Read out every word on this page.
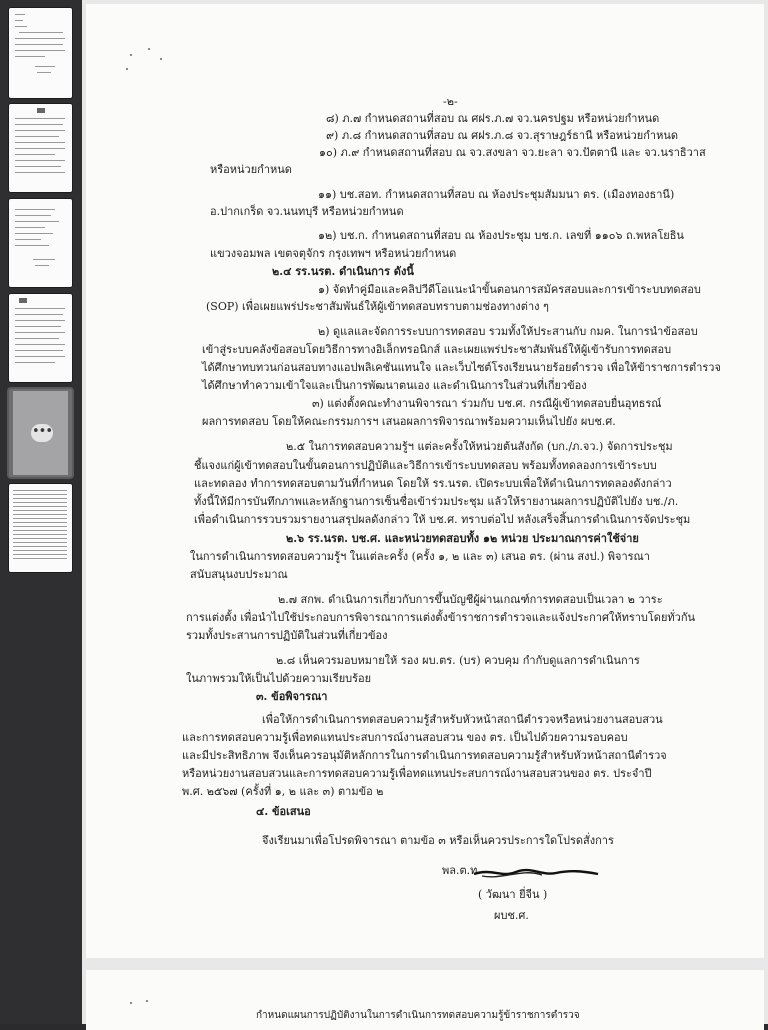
•••
-๒-
๘) ภ.๗ กำหนดสถานที่สอบ ณ ศฝร.ภ.๗ จว.นครปฐม หรือหน่วยกำหนด
๙) ภ.๘ กำหนดสถานที่สอบ ณ ศฝร.ภ.๘ จว.สุราษฎร์ธานี หรือหน่วยกำหนด
๑๐) ภ.๙ กำหนดสถานที่สอบ ณ จว.สงขลา จว.ยะลา จว.ปัตตานี และ จว.นราธิวาส
หรือหน่วยกำหนด
๑๑) บช.สอท. กำหนดสถานที่สอบ ณ ห้องประชุมสัมมนา ตร. (เมืองทองธานี)
อ.ปากเกร็ด จว.นนทบุรี หรือหน่วยกำหนด
๑๒) บช.ก. กำหนดสถานที่สอบ ณ ห้องประชุม บช.ก. เลขที่ ๑๑๐๖ ถ.พหลโยธิน
แขวงจอมพล เขตจตุจักร กรุงเทพฯ หรือหน่วยกำหนด
๒.๔ รร.นรต. ดำเนินการ ดังนี้
๑) จัดทำคู่มือและคลิปวีดีโอแนะนำขั้นตอนการสมัครสอบและการเข้าระบบทดสอบ
(SOP) เพื่อเผยแพร่ประชาสัมพันธ์ให้ผู้เข้าทดสอบทราบตามช่องทางต่าง ๆ
๒) ดูแลและจัดการระบบการทดสอบ รวมทั้งให้ประสานกับ กมค. ในการนำข้อสอบ
เข้าสู่ระบบคลังข้อสอบโดยวิธีการทางอิเล็กทรอนิกส์ และเผยแพร่ประชาสัมพันธ์ให้ผู้เข้ารับการทดสอบ
ได้ศึกษาทบทวนก่อนสอบทางแอปพลิเคชันแทนใจ และเว็บไซต์โรงเรียนนายร้อยตำรวจ เพื่อให้ข้าราชการตำรวจ
ได้ศึกษาทำความเข้าใจและเป็นการพัฒนาตนเอง และดำเนินการในส่วนที่เกี่ยวข้อง
๓) แต่งตั้งคณะทำงานพิจารณา ร่วมกับ บช.ศ. กรณีผู้เข้าทดสอบยื่นอุทธรณ์
ผลการทดสอบ โดยให้คณะกรรมการฯ เสนอผลการพิจารณาพร้อมความเห็นไปยัง ผบช.ศ.
๒.๕ ในการทดสอบความรู้ฯ แต่ละครั้งให้หน่วยต้นสังกัด (บก./ภ.จว.) จัดการประชุม
ชี้แจงแก่ผู้เข้าทดสอบในขั้นตอนการปฏิบัติและวิธีการเข้าระบบทดสอบ พร้อมทั้งทดลองการเข้าระบบ
และทดลอง ทำการทดสอบตามวันที่กำหนด โดยให้ รร.นรต. เปิดระบบเพื่อให้ดำเนินการทดลองดังกล่าว
ทั้งนี้ให้มีการบันทึกภาพและหลักฐานการเซ็นชื่อเข้าร่วมประชุม แล้วให้รายงานผลการปฏิบัติไปยัง บช./ภ.
เพื่อดำเนินการรวบรวมรายงานสรุปผลดังกล่าว ให้ บช.ศ. ทราบต่อไป หลังเสร็จสิ้นการดำเนินการจัดประชุม
๒.๖ รร.นรต. บช.ศ. และหน่วยทดสอบทั้ง ๑๒ หน่วย ประมาณการค่าใช้จ่าย
ในการดำเนินการทดสอบความรู้ฯ ในแต่ละครั้ง (ครั้ง ๑, ๒ และ ๓) เสนอ ตร. (ผ่าน สงป.) พิจารณา
สนับสนุนงบประมาณ
๒.๗ สกพ. ดำเนินการเกี่ยวกับการขึ้นบัญชีผู้ผ่านเกณฑ์การทดสอบเป็นเวลา ๒ วาระ
การแต่งตั้ง เพื่อนำไปใช้ประกอบการพิจารณาการแต่งตั้งข้าราชการตำรวจและแจ้งประกาศให้ทราบโดยทั่วกัน
รวมทั้งประสานการปฏิบัติในส่วนที่เกี่ยวข้อง
๒.๘ เห็นควรมอบหมายให้ รอง ผบ.ตร. (บร) ควบคุม กำกับดูแลการดำเนินการ
ในภาพรวมให้เป็นไปด้วยความเรียบร้อย
๓. ข้อพิจารณา
เพื่อให้การดำเนินการทดสอบความรู้สำหรับหัวหน้าสถานีตำรวจหรือหน่วยงานสอบสวน
และการทดสอบความรู้เพื่อทดแทนประสบการณ์งานสอบสวน ของ ตร. เป็นไปด้วยความรอบคอบ
และมีประสิทธิภาพ จึงเห็นควรอนุมัติหลักการในการดำเนินการทดสอบความรู้สำหรับหัวหน้าสถานีตำรวจ
หรือหน่วยงานสอบสวนและการทดสอบความรู้เพื่อทดแทนประสบการณ์งานสอบสวนของ ตร. ประจำปี
พ.ศ. ๒๕๖๗ (ครั้งที่ ๑, ๒ และ ๓) ตามข้อ ๒
๔. ข้อเสนอ
จึงเรียนมาเพื่อโปรดพิจารณา ตามข้อ ๓ หรือเห็นควรประการใดโปรดสั่งการ
พล.ต.ท.
( วัฒนา ยี่จีน )
ผบช.ศ.
กำหนดแผนการปฏิบัติงานในการดำเนินการทดสอบความรู้ข้าราชการตำรวจ
